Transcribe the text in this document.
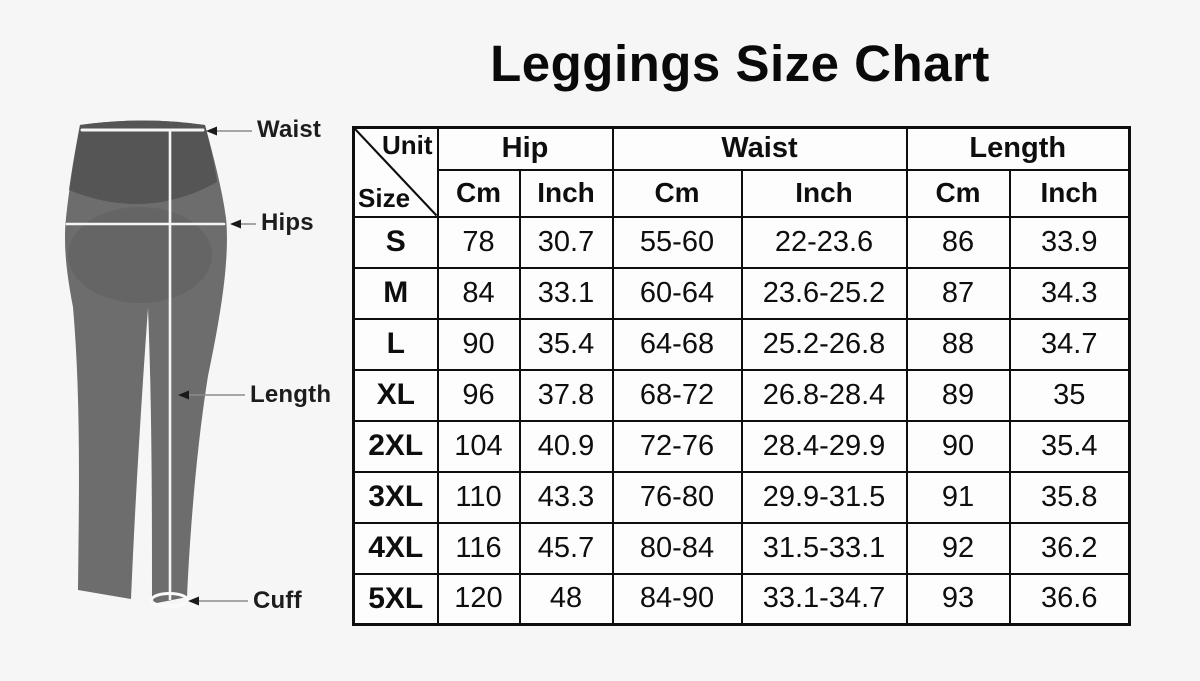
Leggings Size Chart
Waist
Hips
Length
Cuff
Unit
Size	Hip		Waist		Length	
	Cm	Inch	Cm	Inch	Cm	Inch
S	78	30.7	55-60	22-23.6	86	33.9
M	84	33.1	60-64	23.6-25.2	87	34.3
L	90	35.4	64-68	25.2-26.8	88	34.7
XL	96	37.8	68-72	26.8-28.4	89	35
2XL	104	40.9	72-76	28.4-29.9	90	35.4
3XL	110	43.3	76-80	29.9-31.5	91	35.8
4XL	116	45.7	80-84	31.5-33.1	92	36.2
5XL	120	48	84-90	33.1-34.7	93	36.6
